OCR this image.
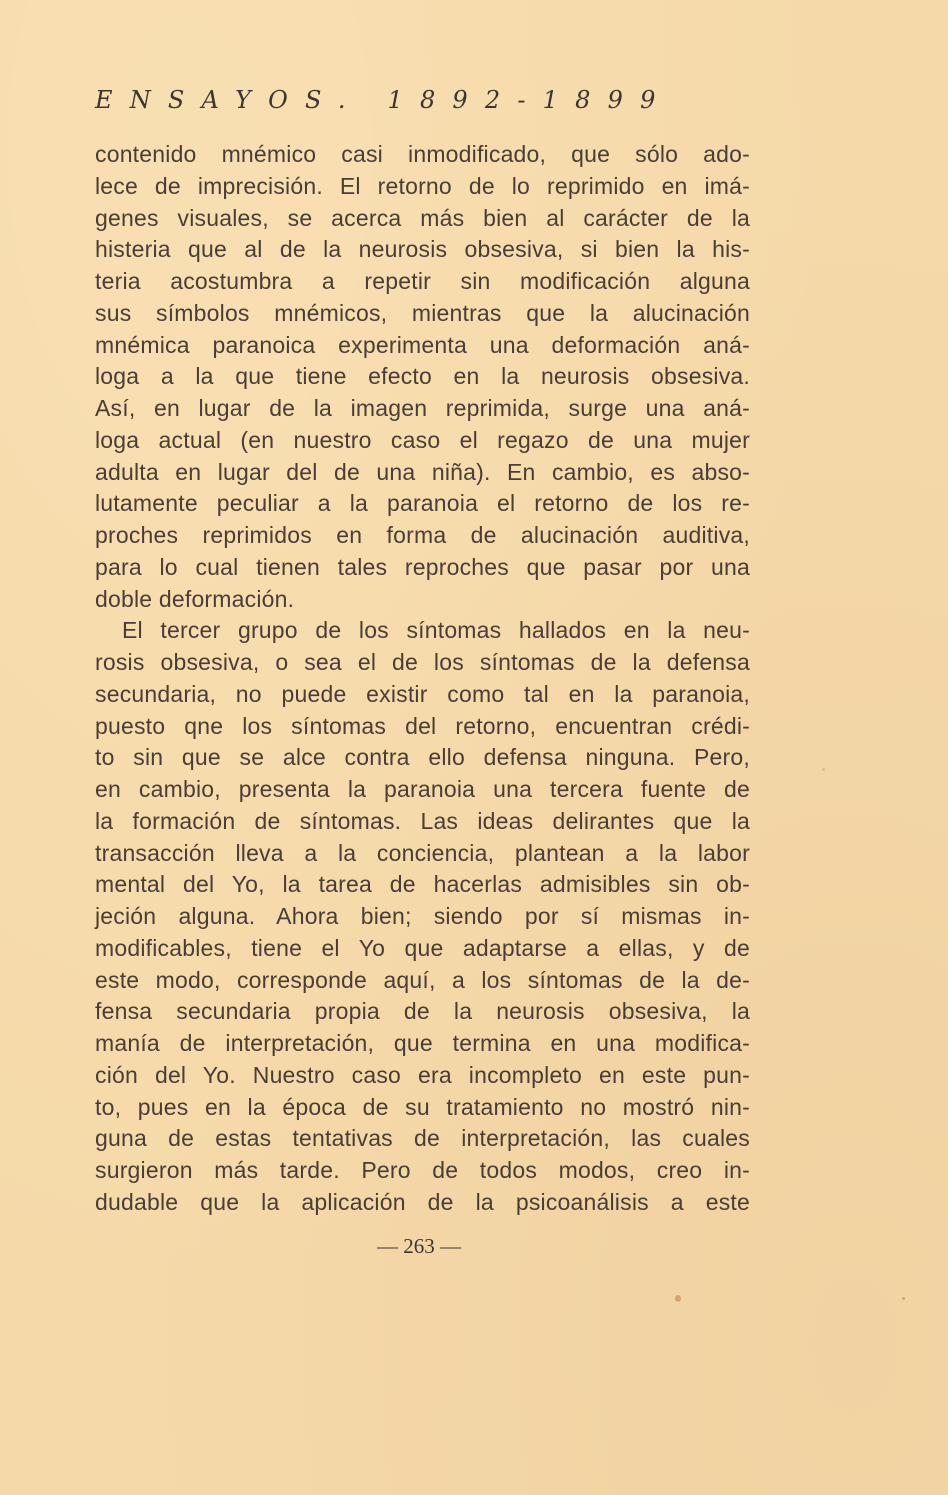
ENSAYOS. 1892-1899
contenido mnémico casi inmodificado, que sólo ado-
lece de imprecisión. El retorno de lo reprimido en imá-
genes visuales, se acerca más bien al carácter de la
histeria que al de la neurosis obsesiva, si bien la his-
teria acostumbra a repetir sin modificación alguna
sus símbolos mnémicos, mientras que la alucinación
mnémica paranoica experimenta una deformación aná-
loga a la que tiene efecto en la neurosis obsesiva.
Así, en lugar de la imagen reprimida, surge una aná-
loga actual (en nuestro caso el regazo de una mujer
adulta en lugar del de una niña). En cambio, es abso-
lutamente peculiar a la paranoia el retorno de los re-
proches reprimidos en forma de alucinación auditiva,
para lo cual tienen tales reproches que pasar por una
doble deformación.
El tercer grupo de los síntomas hallados en la neu-
rosis obsesiva, o sea el de los síntomas de la defensa
secundaria, no puede existir como tal en la paranoia,
puesto qne los síntomas del retorno, encuentran crédi-
to sin que se alce contra ello defensa ninguna. Pero,
en cambio, presenta la paranoia una tercera fuente de
la formación de síntomas. Las ideas delirantes que la
transacción lleva a la conciencia, plantean a la labor
mental del Yo, la tarea de hacerlas admisibles sin ob-
jeción alguna. Ahora bien; siendo por sí mismas in-
modificables, tiene el Yo que adaptarse a ellas, y de
este modo, corresponde aquí, a los síntomas de la de-
fensa secundaria propia de la neurosis obsesiva, la
manía de interpretación, que termina en una modifica-
ción del Yo. Nuestro caso era incompleto en este pun-
to, pues en la época de su tratamiento no mostró nin-
guna de estas tentativas de interpretación, las cuales
surgieron más tarde. Pero de todos modos, creo in-
dudable que la aplicación de la psicoanálisis a este
— 263 —
